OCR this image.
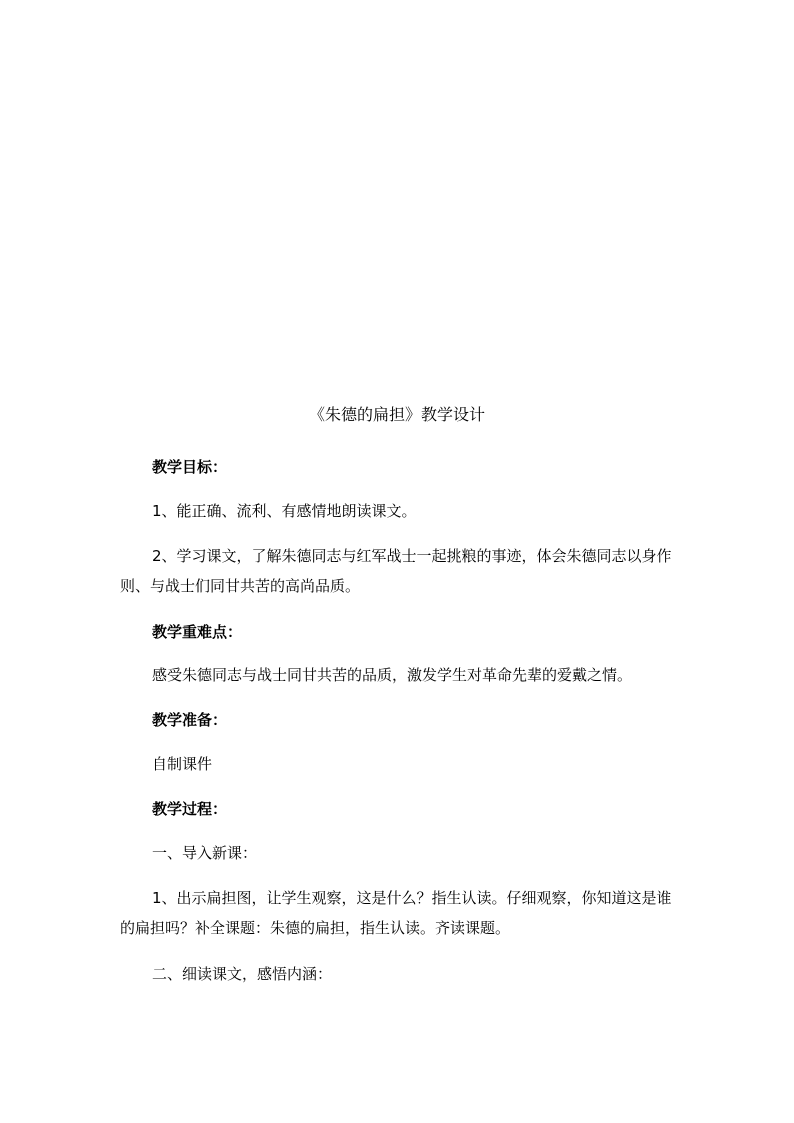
《朱德的扁担》教学设计
教学目标：
1、能正确、流利、有感情地朗读课文。
2、学习课文，了解朱德同志与红军战士一起挑粮的事迹，体会朱德同志以身作则、与战士们同甘共苦的高尚品质。
教学重难点：
感受朱德同志与战士同甘共苦的品质，激发学生对革命先辈的爱戴之情。
教学准备：
自制课件
教学过程：
一、导入新课：
1、出示扁担图，让学生观察，这是什么？指生认读。仔细观察，你知道这是谁的扁担吗？补全课题：朱德的扁担，指生认读。齐读课题。
二、细读课文，感悟内涵：
